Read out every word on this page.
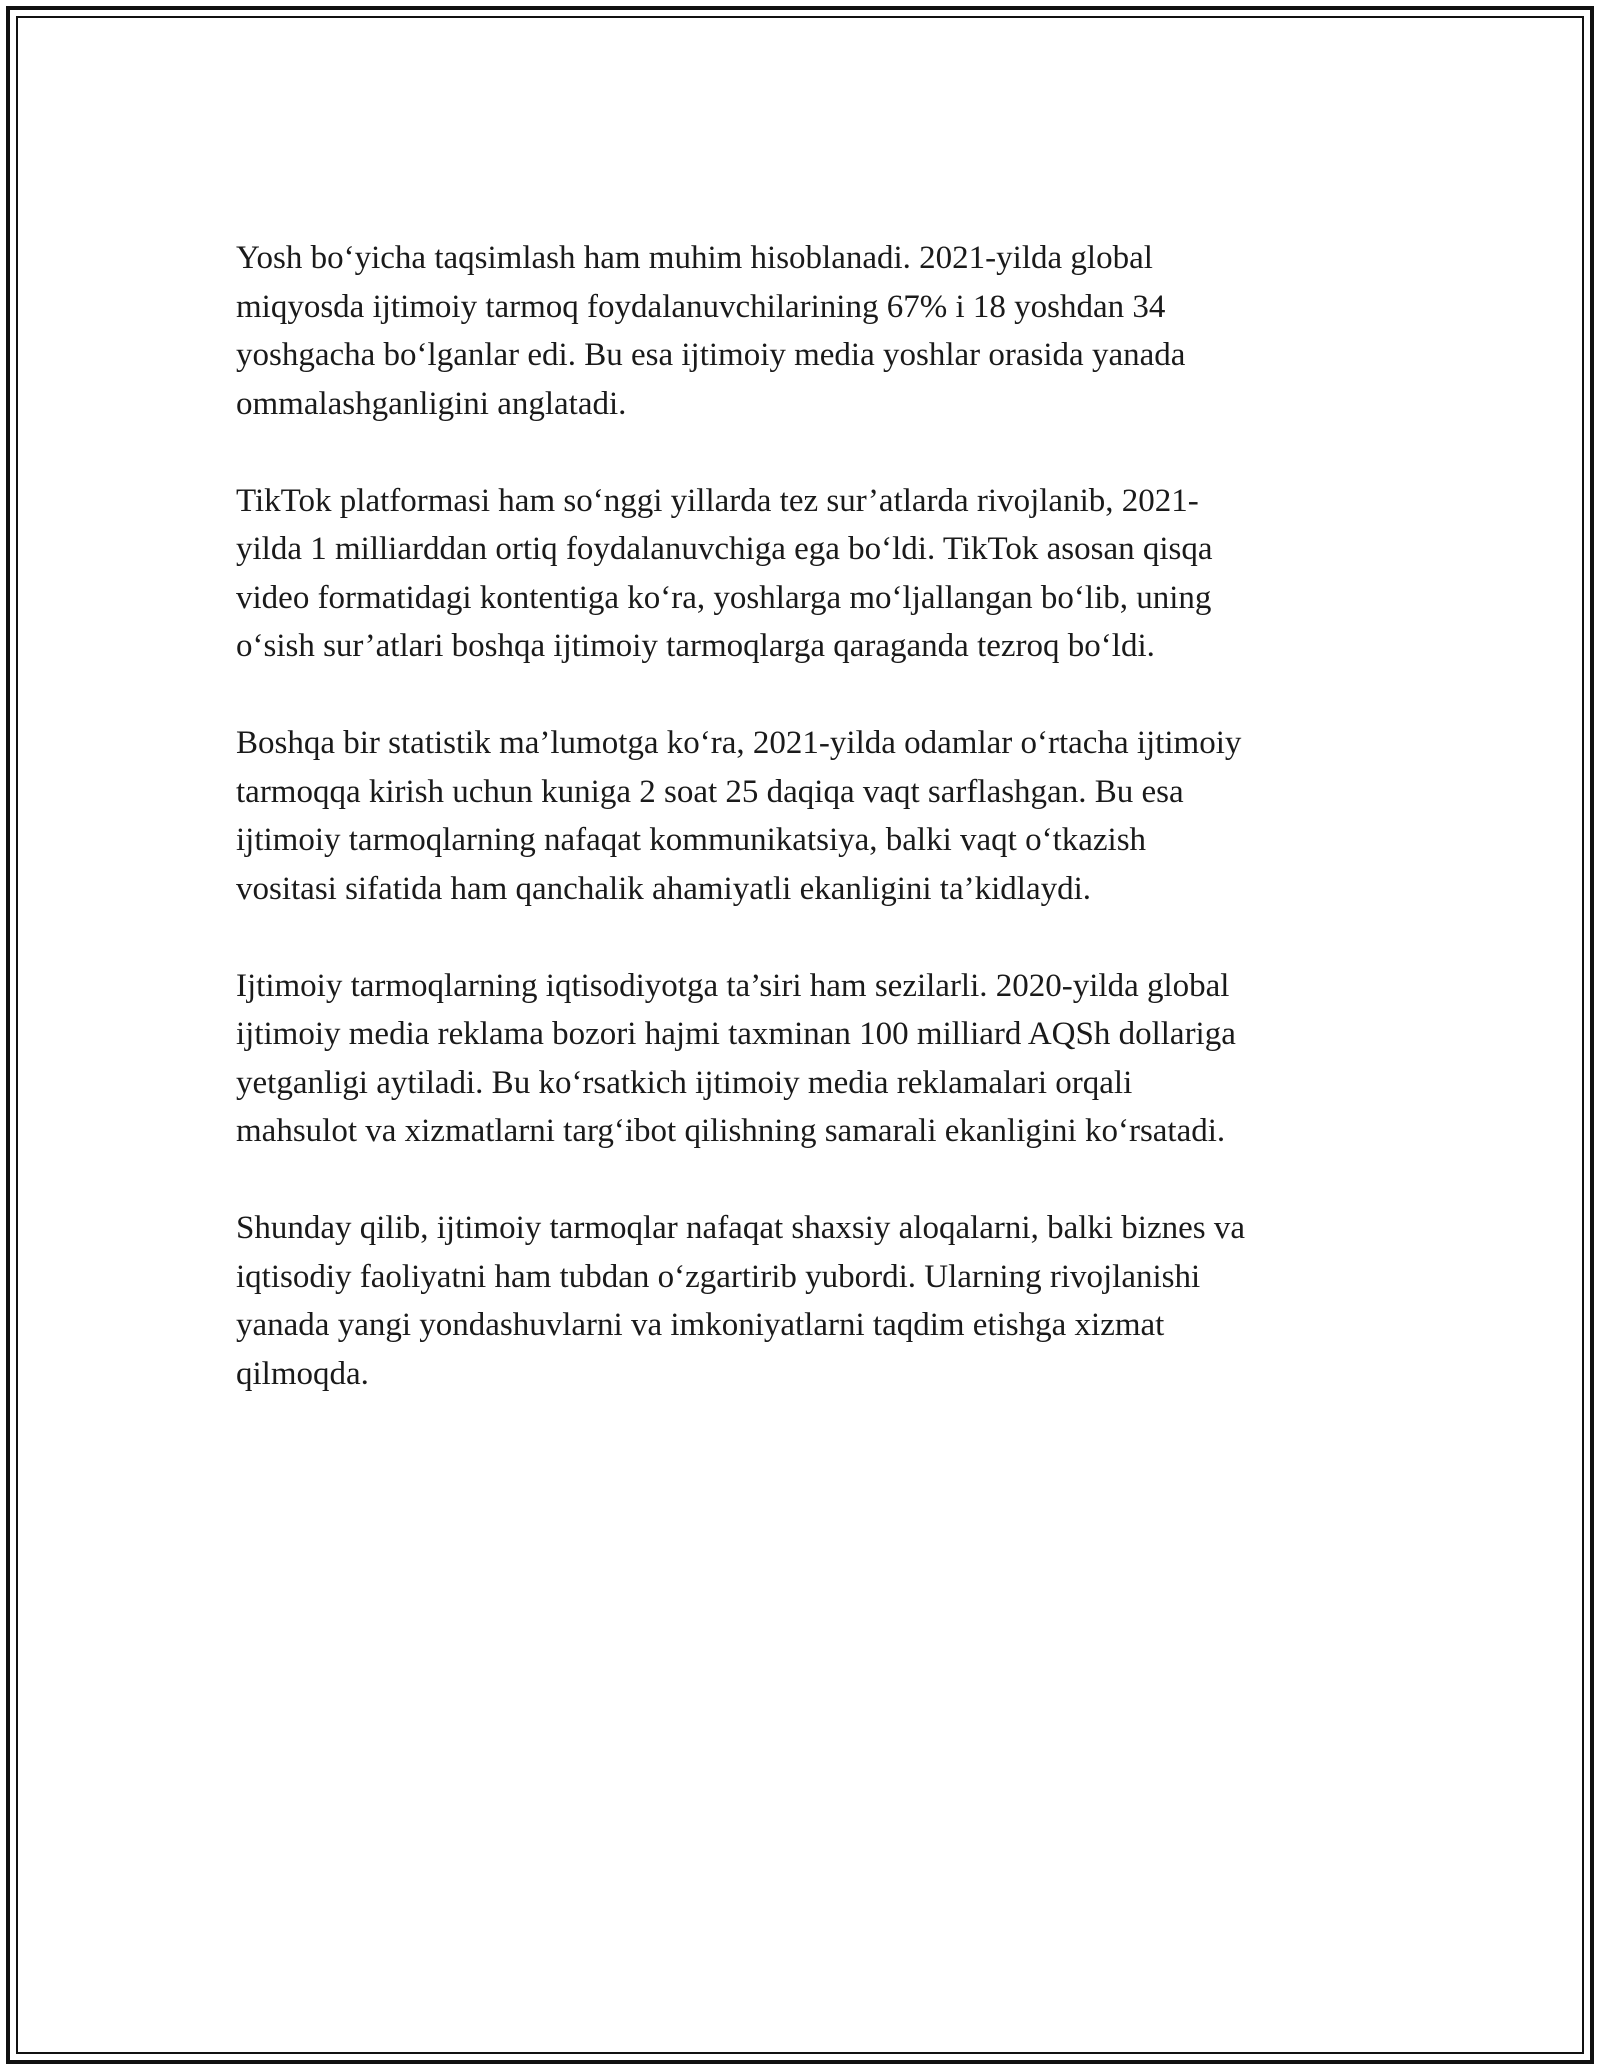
Yosh bo‘yicha taqsimlash ham muhim hisoblanadi. 2021-yilda global
miqyosda ijtimoiy tarmoq foydalanuvchilarining 67% i 18 yoshdan 34
yoshgacha bo‘lganlar edi. Bu esa ijtimoiy media yoshlar orasida yanada
ommalashganligini anglatadi.

TikTok platformasi ham so‘nggi yillarda tez sur’atlarda rivojlanib, 2021-
yilda 1 milliarddan ortiq foydalanuvchiga ega bo‘ldi. TikTok asosan qisqa
video formatidagi kontentiga ko‘ra, yoshlarga mo‘ljallangan bo‘lib, uning
o‘sish sur’atlari boshqa ijtimoiy tarmoqlarga qaraganda tezroq bo‘ldi.

Boshqa bir statistik ma’lumotga ko‘ra, 2021-yilda odamlar o‘rtacha ijtimoiy
tarmoqqa kirish uchun kuniga 2 soat 25 daqiqa vaqt sarflashgan. Bu esa
ijtimoiy tarmoqlarning nafaqat kommunikatsiya, balki vaqt o‘tkazish
vositasi sifatida ham qanchalik ahamiyatli ekanligini ta’kidlaydi.

Ijtimoiy tarmoqlarning iqtisodiyotga ta’siri ham sezilarli. 2020-yilda global
ijtimoiy media reklama bozori hajmi taxminan 100 milliard AQSh dollariga
yetganligi aytiladi. Bu ko‘rsatkich ijtimoiy media reklamalari orqali
mahsulot va xizmatlarni targ‘ibot qilishning samarali ekanligini ko‘rsatadi.

Shunday qilib, ijtimoiy tarmoqlar nafaqat shaxsiy aloqalarni, balki biznes va
iqtisodiy faoliyatni ham tubdan o‘zgartirib yubordi. Ularning rivojlanishi
yanada yangi yondashuvlarni va imkoniyatlarni taqdim etishga xizmat
qilmoqda.
